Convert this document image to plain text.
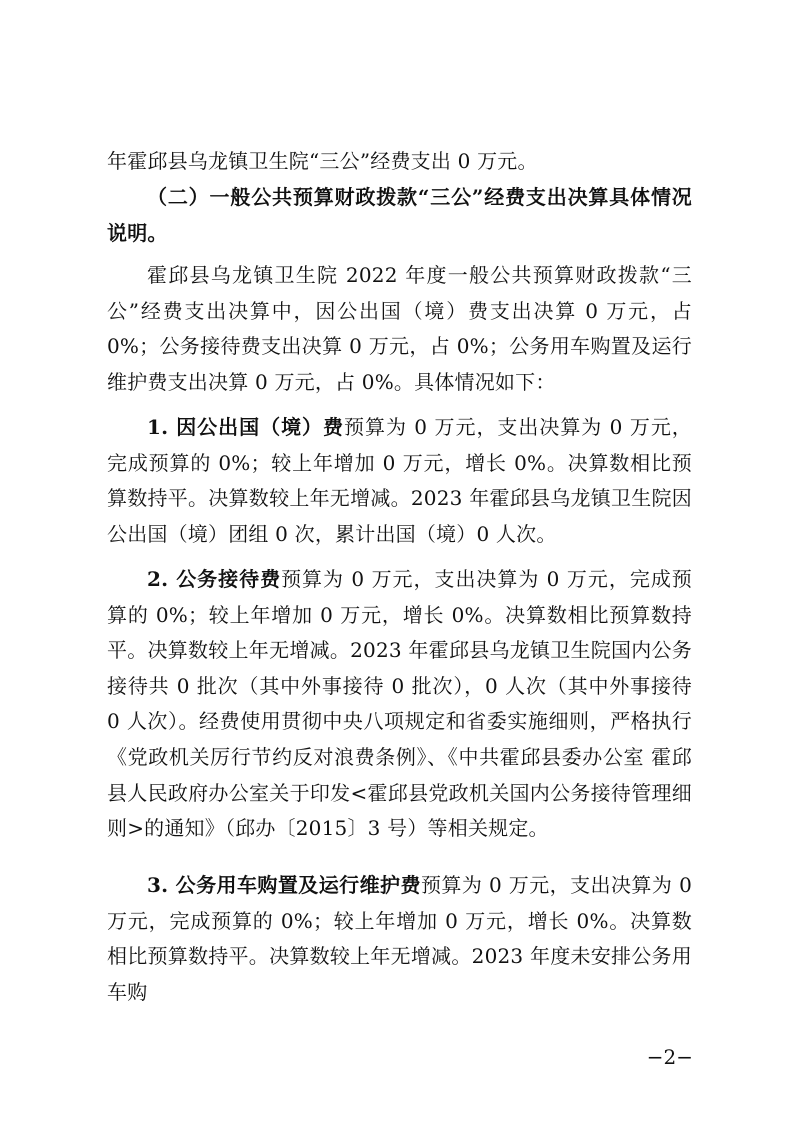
年霍邱县乌龙镇卫生院“三公”经费支出 0 万元。

（二）一般公共预算财政拨款“三公”经费支出决算具体情况说明。

霍邱县乌龙镇卫生院 2022 年度一般公共预算财政拨款“三公”经费支出决算中，因公出国（境）费支出决算 0 万元，占 0%；公务接待费支出决算 0 万元，占 0%；公务用车购置及运行维护费支出决算 0 万元，占 0%。具体情况如下：

1. 因公出国（境）费预算为 0 万元，支出决算为 0 万元，完成预算的 0%；较上年增加 0 万元，增长 0%。决算数相比预算数持平。决算数较上年无增减。2023 年霍邱县乌龙镇卫生院因公出国（境）团组 0 次，累计出国（境）0 人次。

2. 公务接待费预算为 0 万元，支出决算为 0 万元，完成预算的 0%；较上年增加 0 万元，增长 0%。决算数相比预算数持平。决算数较上年无增减。2023 年霍邱县乌龙镇卫生院国内公务接待共 0 批次（其中外事接待 0 批次），0 人次（其中外事接待 0 人次）。经费使用贯彻中央八项规定和省委实施细则，严格执行《党政机关厉行节约反对浪费条例》、《中共霍邱县委办公室 霍邱县人民政府办公室关于印发<霍邱县党政机关国内公务接待管理细则>的通知》（邱办〔2015〕3 号）等相关规定。

3. 公务用车购置及运行维护费预算为 0 万元，支出决算为 0 万元，完成预算的 0%；较上年增加 0 万元，增长 0%。决算数相比预算数持平。决算数较上年无增减。2023 年度未安排公务用车购

−2−
